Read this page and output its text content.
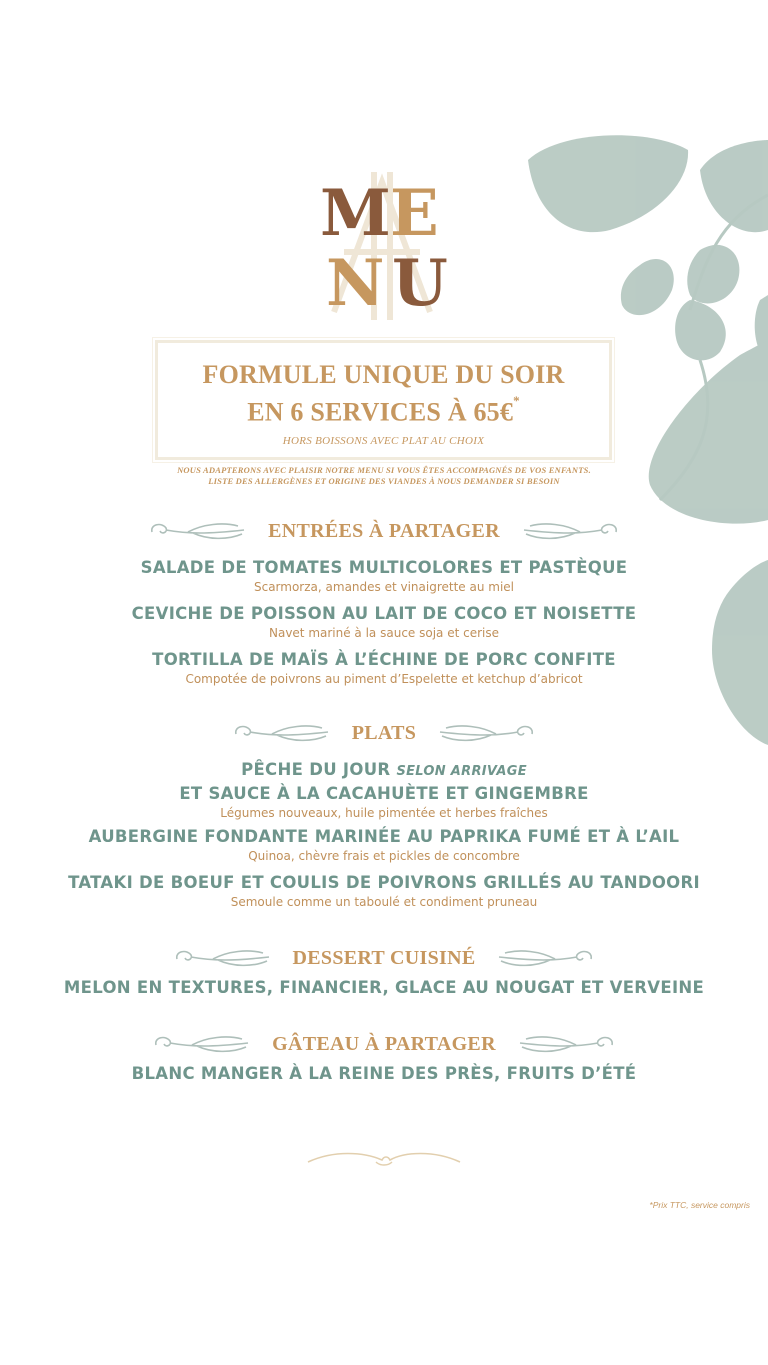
M E
N U
FORMULE UNIQUE DU SOIR
EN 6 SERVICES À 65€*
HORS BOISSONS AVEC PLAT AU CHOIX
NOUS ADAPTERONS AVEC PLAISIR NOTRE MENU SI VOUS ÊTES ACCOMPAGNÉS DE VOS ENFANTS.
LISTE DES ALLERGÈNES ET ORIGINE DES VIANDES À NOUS DEMANDER SI BESOIN
ENTRÉES À PARTAGER
SALADE DE TOMATES MULTICOLORES ET PASTÈQUE
Scarmorza, amandes et vinaigrette au miel
CEVICHE DE POISSON AU LAIT DE COCO ET NOISETTE
Navet mariné à la sauce soja et cerise
TORTILLA DE MAÏS À L’ÉCHINE DE PORC CONFITE
Compotée de poivrons au piment d’Espelette et ketchup d’abricot
PLATS
PÊCHE DU JOUR SELON ARRIVAGE
ET SAUCE À LA CACAHUÈTE ET GINGEMBRE
Légumes nouveaux, huile pimentée et herbes fraîches
AUBERGINE FONDANTE MARINÉE AU PAPRIKA FUMÉ ET À L’AIL
Quinoa, chèvre frais et pickles de concombre
TATAKI DE BOEUF ET COULIS DE POIVRONS GRILLÉS AU TANDOORI
Semoule comme un taboulé et condiment pruneau
DESSERT CUISINÉ
MELON EN TEXTURES, FINANCIER, GLACE AU NOUGAT ET VERVEINE
GÂTEAU À PARTAGER
BLANC MANGER À LA REINE DES PRÈS, FRUITS D’ÉTÉ
*Prix TTC, service compris
